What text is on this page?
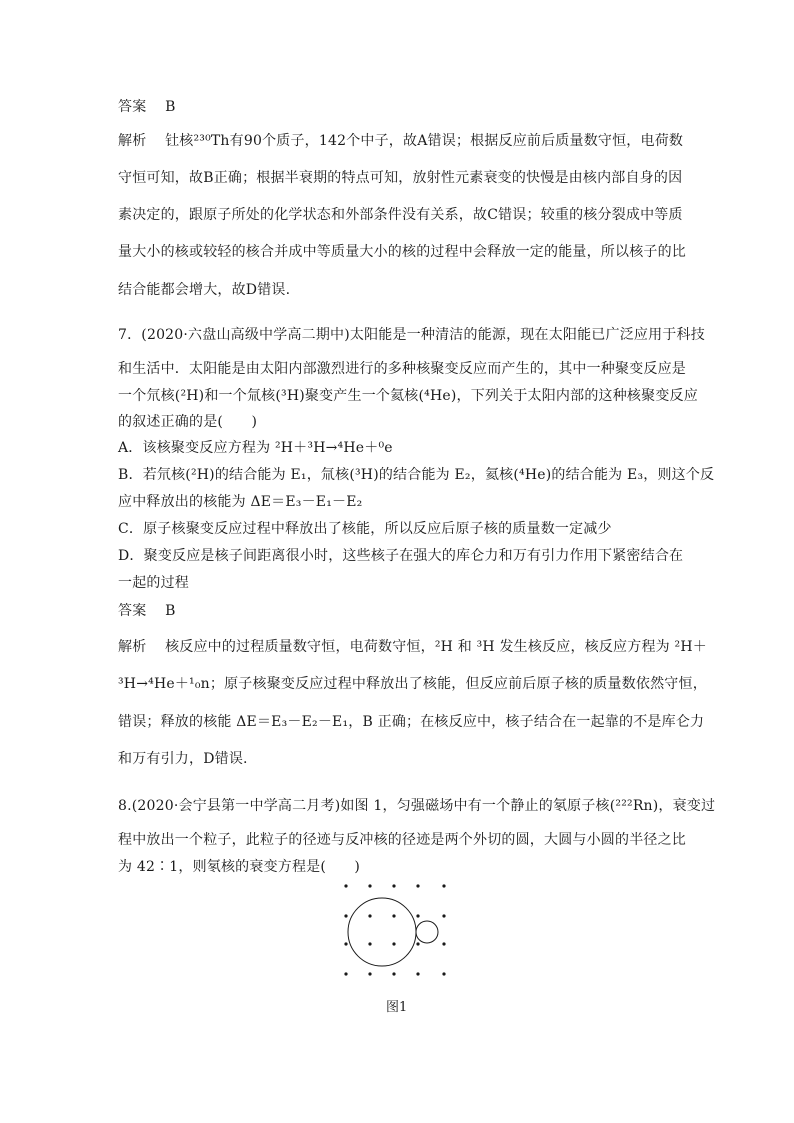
答案 B
解析 钍核²³⁰Th有90个质子，142个中子，故A错误；根据反应前后质量数守恒，电荷数
守恒可知，故B正确；根据半衰期的特点可知，放射性元素衰变的快慢是由核内部自身的因
素决定的，跟原子所处的化学状态和外部条件没有关系，故C错误；较重的核分裂成中等质
量大小的核或较轻的核合并成中等质量大小的核的过程中会释放一定的能量，所以核子的比
结合能都会增大，故D错误.
7．(2020·六盘山高级中学高二期中)太阳能是一种清洁的能源，现在太阳能已广泛应用于科技
和生活中．太阳能是由太阳内部激烈进行的多种核聚变反应而产生的，其中一种聚变反应是
一个氘核(²H)和一个氚核(³H)聚变产生一个氦核(⁴He)，下列关于太阳内部的这种核聚变反应
的叙述正确的是(　　)
A．该核聚变反应方程为 ²H＋³H→⁴He＋⁰e
B．若氘核(²H)的结合能为 E₁，氚核(³H)的结合能为 E₂，氦核(⁴He)的结合能为 E₃，则这个反
应中释放出的核能为 ΔE＝E₃－E₁－E₂
C．原子核聚变反应过程中释放出了核能，所以反应后原子核的质量数一定减少
D．聚变反应是核子间距离很小时，这些核子在强大的库仑力和万有引力作用下紧密结合在
一起的过程
答案 B
解析 核反应中的过程质量数守恒，电荷数守恒，²H 和 ³H 发生核反应，核反应方程为 ²H＋
³H→⁴He＋¹₀n；原子核聚变反应过程中释放出了核能，但反应前后原子核的质量数依然守恒，
错误；释放的核能 ΔE＝E₃－E₂－E₁，B 正确；在核反应中，核子结合在一起靠的不是库仑力
和万有引力，D错误.
8.(2020·会宁县第一中学高二月考)如图 1，匀强磁场中有一个静止的氡原子核(²²²Rn)，衰变过
程中放出一个粒子，此粒子的径迹与反冲核的径迹是两个外切的圆，大圆与小圆的半径之比
为 42∶1，则氡核的衰变方程是(　　)
图1
